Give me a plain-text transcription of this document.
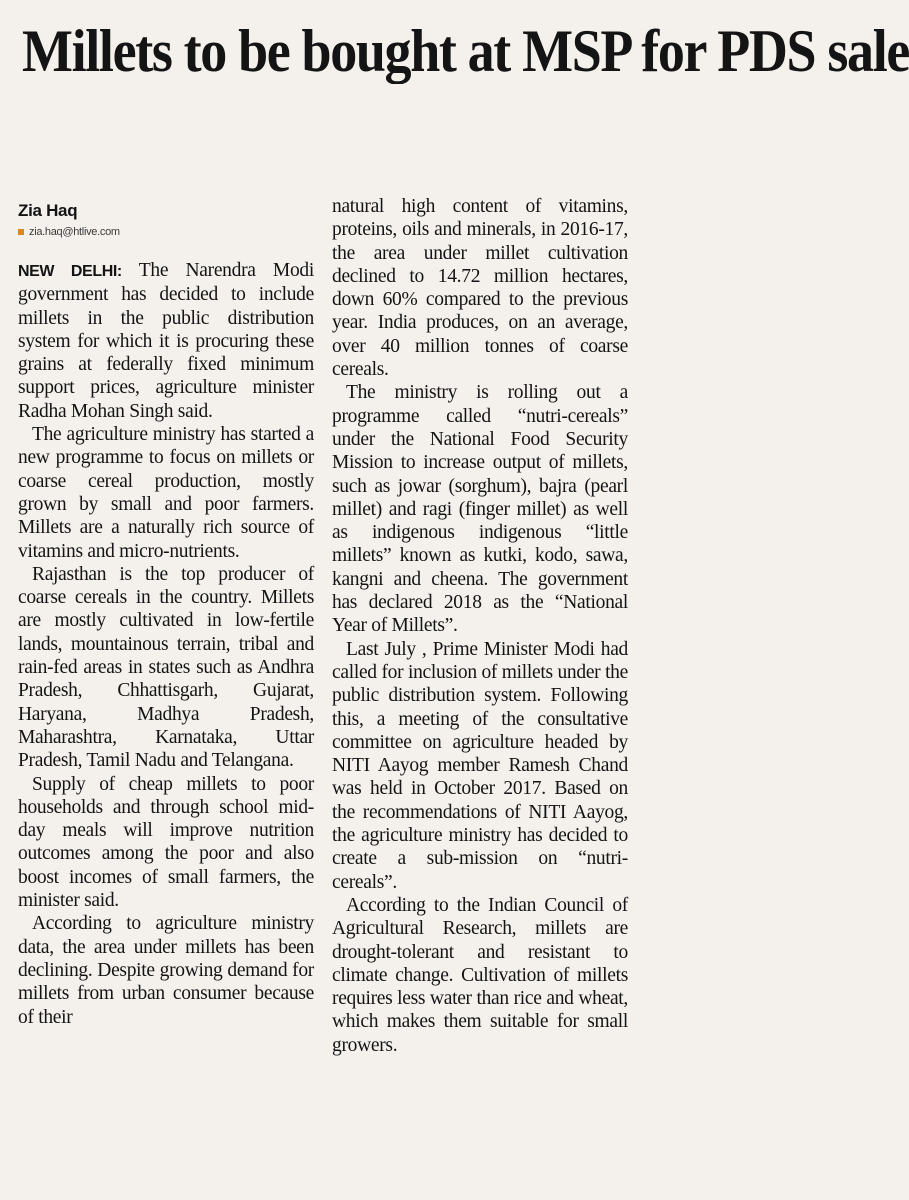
Millets to be bought at MSP for PDS sale
Zia Haq
zia.haq@htlive.com

NEW DELHI: The Narendra Modi government has decided to include millets in the public distribution system for which it is procuring these grains at federally fixed minimum support prices, agriculture minister Radha Mohan Singh said.

The agriculture ministry has started a new programme to focus on millets or coarse cereal production, mostly grown by small and poor farmers. Millets are a naturally rich source of vitamins and micro-nutrients.

Rajasthan is the top producer of coarse cereals in the country. Millets are mostly cultivated in low-fertile lands, mountainous terrain, tribal and rain-fed areas in states such as Andhra Pradesh, Chhattisgarh, Gujarat, Haryana, Madhya Pradesh, Maharashtra, Karnataka, Uttar Pradesh, Tamil Nadu and Telangana.

Supply of cheap millets to poor households and through school mid-day meals will improve nutrition outcomes among the poor and also boost incomes of small farmers, the minister said.

According to agriculture ministry data, the area under millets has been declining. Despite growing demand for millets from urban consumer because of their

natural high content of vitamins, proteins, oils and minerals, in 2016-17, the area under millet cultivation declined to 14.72 million hectares, down 60% compared to the previous year. India produces, on an average, over 40 million tonnes of coarse cereals.

The ministry is rolling out a programme called “nutri-cereals” under the National Food Security Mission to increase output of millets, such as jowar (sorghum), bajra (pearl millet) and ragi (finger millet) as well as indigenous indigenous “little millets” known as kutki, kodo, sawa, kangni and cheena. The government has declared 2018 as the “National Year of Millets”.

Last July , Prime Minister Modi had called for inclusion of millets under the public distribution system. Following this, a meeting of the consultative committee on agriculture headed by NITI Aayog member Ramesh Chand was held in October 2017. Based on the recommendations of NITI Aayog, the agriculture ministry has decided to create a sub-mission on “nutri-cereals”.

According to the Indian Council of Agricultural Research, millets are drought-tolerant and resistant to climate change. Cultivation of millets requires less water than rice and wheat, which makes them suitable for small growers.
